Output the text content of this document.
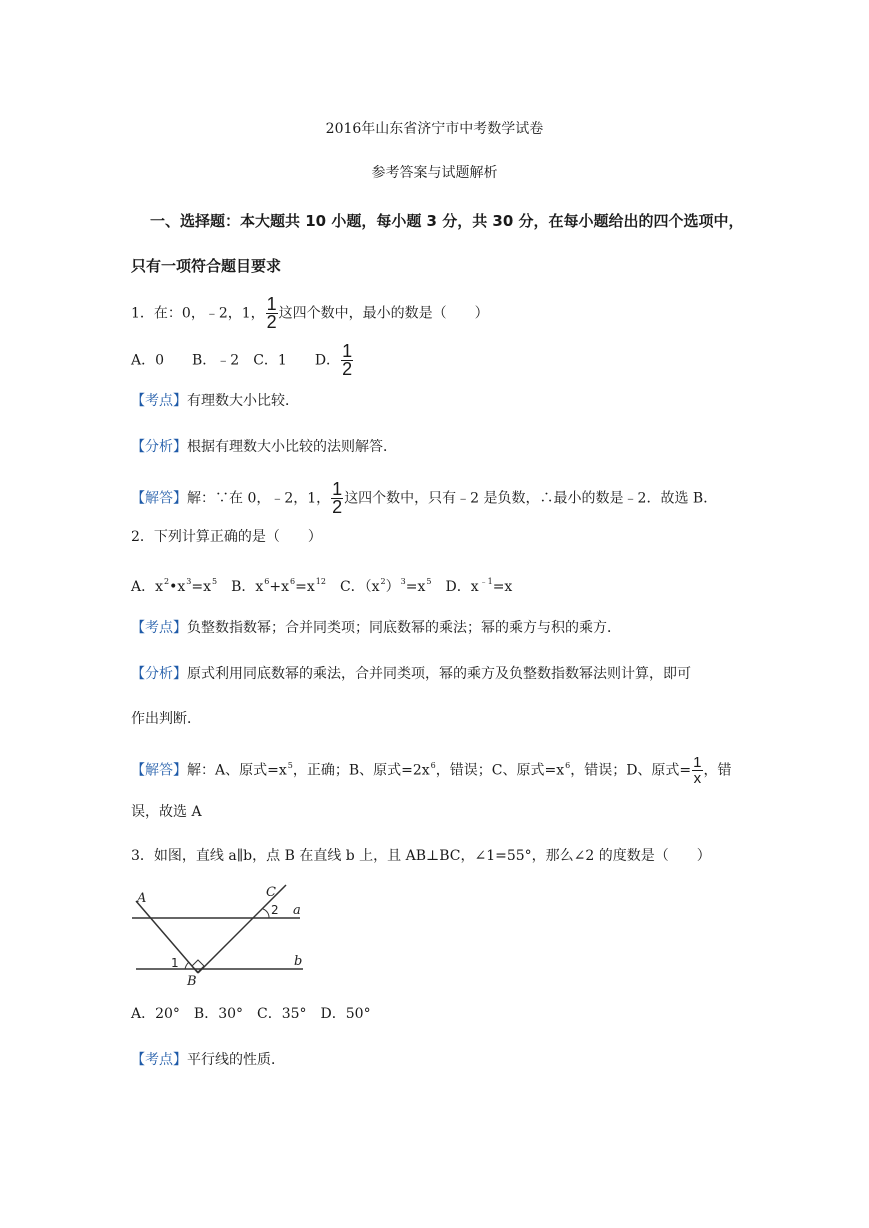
2016年山东省济宁市中考数学试卷
参考答案与试题解析
一、选择题：本大题共 10 小题，每小题 3 分，共 30 分，在每小题给出的四个选项中，
只有一项符合题目要求
1．在：0，﹣2，1， $\frac{1}{2}$ 这四个数中，最小的数是（　　）
A．0　　B．﹣2　C．1　　D． $\frac{1}{2}$
【考点】有理数大小比较．
【分析】根据有理数大小比较的法则解答．
【解答】解：∵在 0，﹣2，1， $\frac{1}{2}$ 这四个数中，只有﹣2 是负数，∴最小的数是﹣2．故选 B．
2．下列计算正确的是（　　）
A．$x^2•x^3=x^5$ B．$x^6+x^6=x^{12}$ C．$(x^2)^3=x^5$ D．$x^{﹣1}=x$
【考点】负整数指数幂；合并同类项；同底数幂的乘法；幂的乘方与积的乘方．
【分析】原式利用同底数幂的乘法，合并同类项，幂的乘方及负整数指数幂法则计算，即可
作出判断．
【解答】解：A、原式$=x^5$，正确；B、原式$=2x^6$，错误；C、原式$=x^6$，错误；D、原式= $\frac{1}{x}$ ，错
误，故选 A
3．如图，直线 a∥b，点 B 在直线 b 上，且 AB⊥BC，∠1=55°，那么∠2 的度数是（　　）
A
B
C
a
b
1
2
A．20°　B．30°　C．35°　D．50°
【考点】平行线的性质．
